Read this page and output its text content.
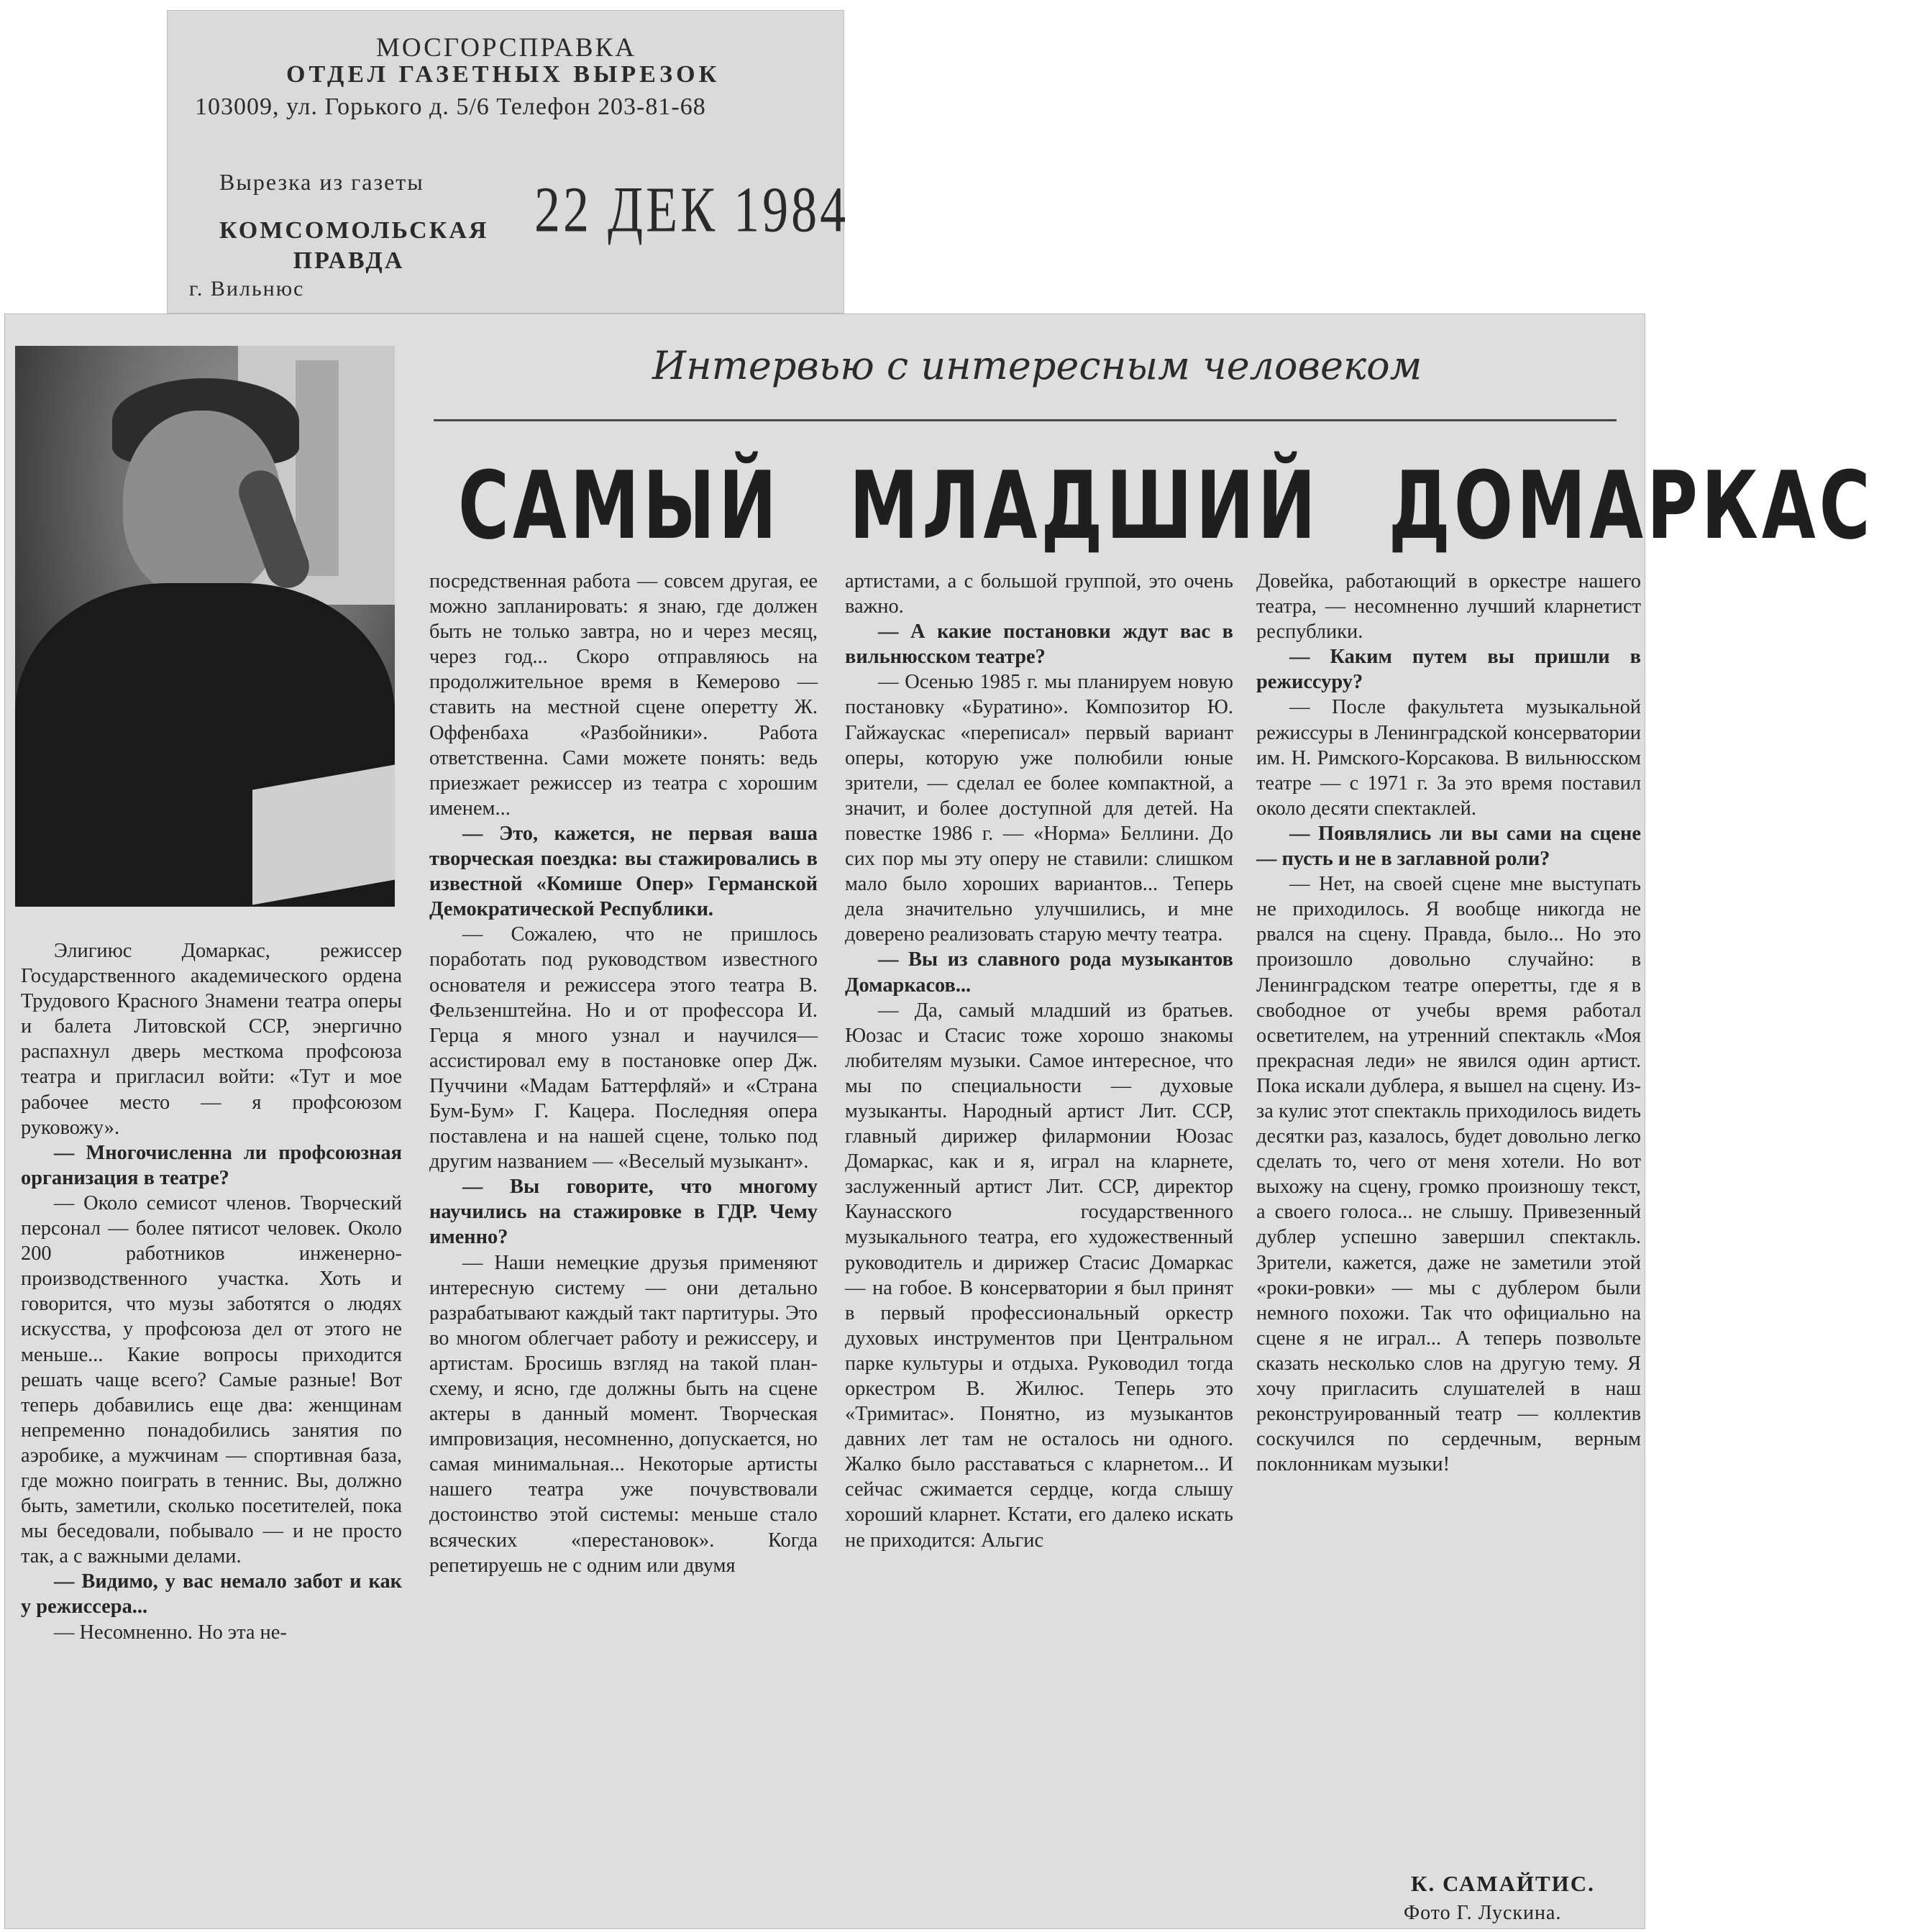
МОСГОРСПРАВКА
ОТДЕЛ ГАЗЕТНЫХ ВЫРЕЗОК
103009, ул. Горького д. 5/6 Телефон 203-81-68
Вырезка из газеты
КОМСОМОЛЬСКАЯ ПРАВДА
г. Вильнюс
22 ДЕК 1984
Интервью с интересным человеком
САМЫЙ МЛАДШИЙ ДОМАРКАС

Элигиюс Домаркас, режиссер Государственного академического ордена Трудового Красного Знамени театра оперы и балета Литовской ССР, энергично распахнул дверь месткома профсоюза театра и пригласил войти: «Тут и мое рабочее место — я профсоюзом руковожу».

— Многочисленна ли профсоюзная организация в театре?

— Около семисот членов. Творческий персонал — более пятисот человек. Около 200 работников инженерно-производственного участка. Хоть и говорится, что музы заботятся о людях искусства, у профсоюза дел от этого не меньше... Какие вопросы приходится решать чаще всего? Самые разные! Вот теперь добавились еще два: женщинам непременно понадобились занятия по аэробике, а мужчинам — спортивная база, где можно поиграть в теннис. Вы, должно быть, заметили, сколько посетителей, пока мы беседовали, побывало — и не просто так, а с важными делами.

— Видимо, у вас немало забот и как у режиссера...

— Несомненно. Но эта не-

посредственная работа — совсем другая, ее можно запланировать: я знаю, где должен быть не только завтра, но и через месяц, через год... Скоро отправляюсь на продолжительное время в Кемерово — ставить на местной сцене оперетту Ж. Оффенбаха «Разбойники». Работа ответственна. Сами можете понять: ведь приезжает режиссер из театра с хорошим именем...

— Это, кажется, не первая ваша творческая поездка: вы стажировались в известной «Комише Опер» Германской Демократической Республики.

— Сожалею, что не пришлось поработать под руководством известного основателя и режиссера этого театра В. Фельзенштейна. Но и от профессора И. Герца я много узнал и научился—ассистировал ему в постановке опер Дж. Пуччини «Мадам Баттерфляй» и «Страна Бум-Бум» Г. Кацера. Последняя опера поставлена и на нашей сцене, только под другим названием — «Веселый музыкант».

— Вы говорите, что многому научились на стажировке в ГДР. Чему именно?

— Наши немецкие друзья применяют интересную систему — они детально разрабатывают каждый такт партитуры. Это во многом облегчает работу и режиссеру, и артистам. Бросишь взгляд на такой план-схему, и ясно, где должны быть на сцене актеры в данный момент. Творческая импровизация, несомненно, допускается, но самая минимальная... Некоторые артисты нашего театра уже почувствовали достоинство этой системы: меньше стало всяческих «перестановок». Когда репетируешь не с одним или двумя

артистами, а с большой группой, это очень важно.

— А какие постановки ждут вас в вильнюсском театре?

— Осенью 1985 г. мы планируем новую постановку «Буратино». Композитор Ю. Гайжаускас «переписал» первый вариант оперы, которую уже полюбили юные зрители, — сделал ее более компактной, а значит, и более доступной для детей. На повестке 1986 г. — «Норма» Беллини. До сих пор мы эту оперу не ставили: слишком мало было хороших вариантов... Теперь дела значительно улучшились, и мне доверено реализовать старую мечту театра.

— Вы из славного рода музыкантов Домаркасов...

— Да, самый младший из братьев. Юозас и Стасис тоже хорошо знакомы любителям музыки. Самое интересное, что мы по специальности — духовые музыканты. Народный артист Лит. ССР, главный дирижер филармонии Юозас Домаркас, как и я, играл на кларнете, заслуженный артист Лит. ССР, директор Каунасского государственного музыкального театра, его художественный руководитель и дирижер Стасис Домаркас — на гобое. В консерватории я был принят в первый профессиональный оркестр духовых инструментов при Центральном парке культуры и отдыха. Руководил тогда оркестром В. Жилюс. Теперь это «Тримитас». Понятно, из музыкантов давних лет там не осталось ни одного. Жалко было расставаться с кларнетом... И сейчас сжимается сердце, когда слышу хороший кларнет. Кстати, его далеко искать не приходится: Альгис

Довейка, работающий в оркестре нашего театра, — несомненно лучший кларнетист республики.

— Каким путем вы пришли в режиссуру?

— После факультета музыкальной режиссуры в Ленинградской консерватории им. Н. Римского-Корсакова. В вильнюсском театре — с 1971 г. За это время поставил около десяти спектаклей.

— Появлялись ли вы сами на сцене — пусть и не в заглавной роли?

— Нет, на своей сцене мне выступать не приходилось. Я вообще никогда не рвался на сцену. Правда, было... Но это произошло довольно случайно: в Ленинградском театре оперетты, где я в свободное от учебы время работал осветителем, на утренний спектакль «Моя прекрасная леди» не явился один артист. Пока искали дублера, я вышел на сцену. Из-за кулис этот спектакль приходилось видеть десятки раз, казалось, будет довольно легко сделать то, чего от меня хотели. Но вот выхожу на сцену, громко произношу текст, а своего голоса... не слышу. Привезенный дублер успешно завершил спектакль. Зрители, кажется, даже не заметили этой «роки-ровки» — мы с дублером были немного похожи. Так что официально на сцене я не играл... А теперь позвольте сказать несколько слов на другую тему. Я хочу пригласить слушателей в наш реконструированный театр — коллектив соскучился по сердечным, верным поклонникам музыки!

К. САМАЙТИС.
Фото Г. Лускина.
